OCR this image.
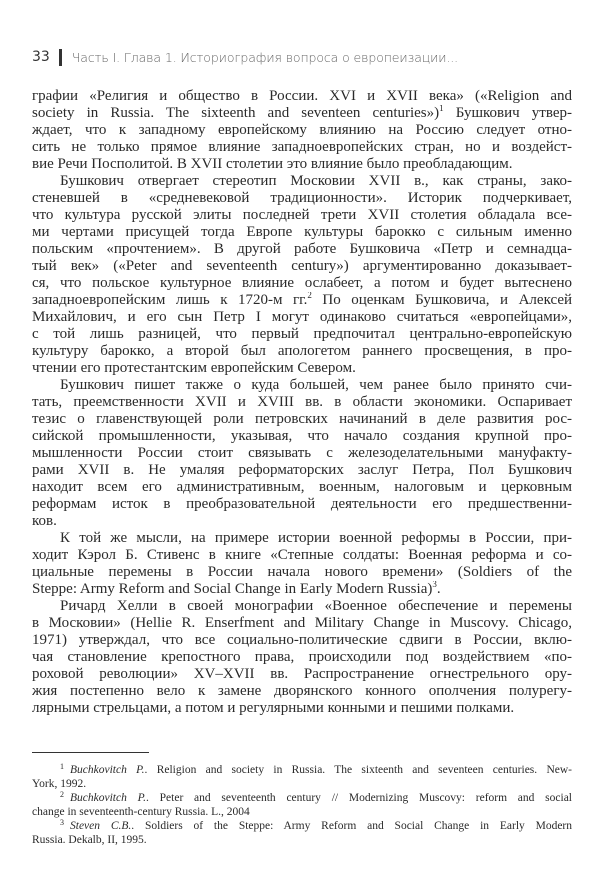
33 Часть I. Глава 1. Историография вопроса о европеизации...
графии «Религия и общество в России. XVI и XVII века» («Religion and
society in Russia. The sixteenth and seventeen centuries»)$^1$ Бушкович утвер-
ждает, что к западному европейскому влиянию на Россию следует отно-
сить не только прямое влияние западноевропейских стран, но и воздейст-
вие Речи Посполитой. В XVII столетии это влияние было преобладающим.
Бушкович отвергает стереотип Московии XVII в., как страны, зако-
стеневшей в «средневековой традиционности». Историк подчеркивает,
что культура русской элиты последней трети XVII столетия обладала все-
ми чертами присущей тогда Европе культуры барокко с сильным именно
польским «прочтением». В другой работе Бушковича «Петр и семнадца-
тый век» («Peter and seventeenth century») аргументированно доказывает-
ся, что польское культурное влияние ослабеет, а потом и будет вытеснено
западноевропейским лишь к 1720-м гг.$^2$ По оценкам Бушковича, и Алексей
Михайлович, и его сын Петр I могут одинаково считаться «европейцами»,
с той лишь разницей, что первый предпочитал центрально-европейскую
культуру барокко, а второй был апологетом раннего просвещения, в про-
чтении его протестантским европейским Севером.
Бушкович пишет также о куда большей, чем ранее было принято счи-
тать, преемственности XVII и XVIII вв. в области экономики. Оспаривает
тезис о главенствующей роли петровских начинаний в деле развития рос-
сийской промышленности, указывая, что начало создания крупной про-
мышленности России стоит связывать с железоделательными мануфакту-
рами XVII в. Не умаляя реформаторских заслуг Петра, Пол Бушкович
находит всем его административным, военным, налоговым и церковным
реформам исток в преобразовательной деятельности его предшественни-
ков.
К той же мысли, на примере истории военной реформы в России, при-
ходит Кэрол Б. Стивенс в книге «Степные солдаты: Военная реформа и со-
циальные перемены в России начала нового времени» (Soldiers of the
Steppe: Army Reform and Social Change in Early Modern Russia)$^3$.
Ричард Хелли в своей монографии «Военное обеспечение и перемены
в Московии» (Hellie R. Enserfment and Military Change in Muscovy. Chicago,
1971) утверждал, что все социально-политические сдвиги в России, вклю-
чая становление крепостного права, происходили под воздействием «по-
роховой революции» XV–XVII вв. Распространение огнестрельного ору-
жия постепенно вело к замене дворянского конного ополчения полурегу-
лярными стрельцами, а потом и регулярными конными и пешими полками.
$^1$ Buchkovitch P.. Religion and society in Russia. The sixteenth and seventeen centuries. New-
York, 1992.
$^2$ Buchkovitch P.. Peter and seventeenth century // Modernizing Muscovy: reform and social
change in seventeenth-century Russia. L., 2004
$^3$ Steven C.B.. Soldiers of the Steppe: Army Reform and Social Change in Early Modern
Russia. Dekalb, II, 1995.
